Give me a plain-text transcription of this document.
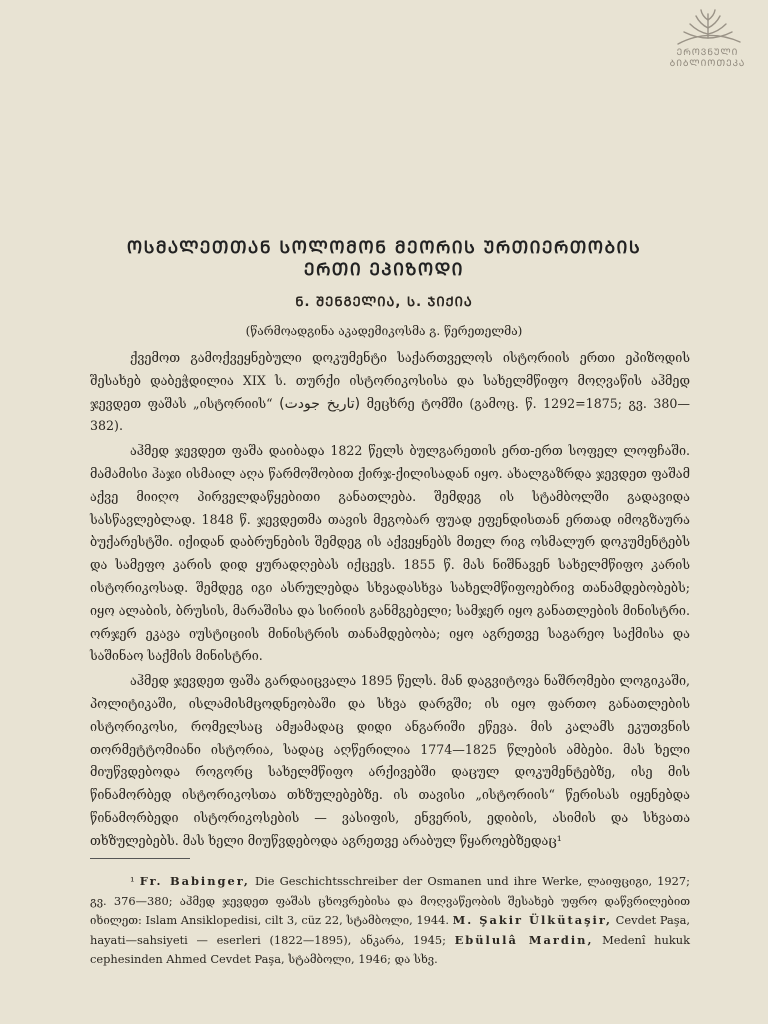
ᲔᲠᲝᲕᲜᲣᲚᲘ
ᲑᲘᲑᲚᲘᲝᲗᲔᲙᲐ
ᲝᲡᲛᲐᲚᲔᲗᲗᲐᲜ ᲡᲝᲚᲝᲛᲝᲜ ᲛᲔᲝᲠᲘᲡ ᲣᲠᲗᲘᲔᲠᲗᲝᲑᲘᲡ ᲔᲠᲗᲘ ᲔᲞᲘᲖᲝᲓᲘ
Ნ. ᲨᲔᲜᲒᲔᲚᲘᲐ, Ს. ᲯᲘᲥᲘᲐ
(წარმოადგინა აკადემიკოსმა გ. წერეთელმა)

ქვემოთ გამოქვეყნებული დოკუმენტი საქართველოს ისტორიის ერთი ეპიზოდის შესახებ დაბეჭდილია XIX ს. თურქი ისტორიკოსისა და სახელმწიფო მოღვაწის აჰმედ ჯევდეთ ფაშას „ისტორიის“ (تاریخ جودت) მეცხრე ტომში (გამოც. წ. 1292=1875; გვ. 380—382).

აჰმედ ჯევდეთ ფაშა დაიბადა 1822 წელს ბულგარეთის ერთ-ერთ სოფელ ლოფჩაში. მამამისი ჰაჯი ისმაილ აღა წარმოშობით ქირჯ-ქილისადან იყო. ახალგაზრდა ჯევდეთ ფაშამ აქვე მიიღო პირველდაწყებითი განათლება. შემდეგ ის სტამბოლში გადავიდა სასწავლებლად. 1848 წ. ჯევდეთმა თავის მეგობარ ფუად ეფენდისთან ერთად იმოგზაურა ბუქარესტში. იქიდან დაბრუნების შემდეგ ის აქვეყნებს მთელ რიგ ოსმალურ დოკუმენტებს და სამეფო კარის დიდ ყურადღებას იქცევს. 1855 წ. მას ნიშნავენ სახელმწიფო კარის ისტორიკოსად. შემდეგ იგი ასრულებდა სხვადასხვა სახელმწიფოებრივ თანამდებობებს; იყო ალაბის, ბრუსის, მარაშისა და სირიის განმგებელი; სამჯერ იყო განათლების მინისტრი. ორჯერ ეკავა იუსტიციის მინისტრის თანამდებობა; იყო აგრეთვე საგარეო საქმისა და საშინაო საქმის მინისტრი.

აჰმედ ჯევდეთ ფაშა გარდაიცვალა 1895 წელს. მან დაგვიტოვა ნაშრომები ლოგიკაში, პოლიტიკაში, ისლამისმცოდნეობაში და სხვა დარგში; ის იყო ფართო განათლების ისტორიკოსი, რომელსაც ამჟამადაც დიდი ანგარიში ეწევა. მის კალამს ეკუთვნის თორმეტტომიანი ისტორია, სადაც აღწერილია 1774—1825 წლების ამბები. მას ხელი მიუწვდებოდა როგორც სახელმწიფო არქივებში დაცულ დოკუმენტებზე, ისე მის წინამორბედ ისტორიკოსთა თხზულებებზე. ის თავისი „ისტორიის“ წერისას იყენებდა წინამორბედი ისტორიკოსების — ვასიფის, ენვერის, ედიბის, ასიმის და სხვათა თხზულებებს. მას ხელი მიუწვდებოდა აგრეთვე არაბულ წყაროებზედაც¹

¹ Fr. Babinger, Die Geschichtsschreiber der Osmanen und ihre Werke, ლაიფციგი, 1927; გვ. 376—380; აჰმედ ჯევდეთ ფაშას ცხოვრებისა და მოღვაწეობის შესახებ უფრო დაწვრილებით იხილეთ: Islam Ansiklopedisi, cilt 3, cüz 22, სტამბოლი, 1944. M. Şakir Ülkütaşir, Cevdet Paşa, hayati—sahsiyeti — eserleri (1822—1895), ანკარა, 1945; Ebülulâ Mardin, Medenî hukuk cephesinden Ahmed Cevdet Paşa, სტამბოლი, 1946; და სხვ.
